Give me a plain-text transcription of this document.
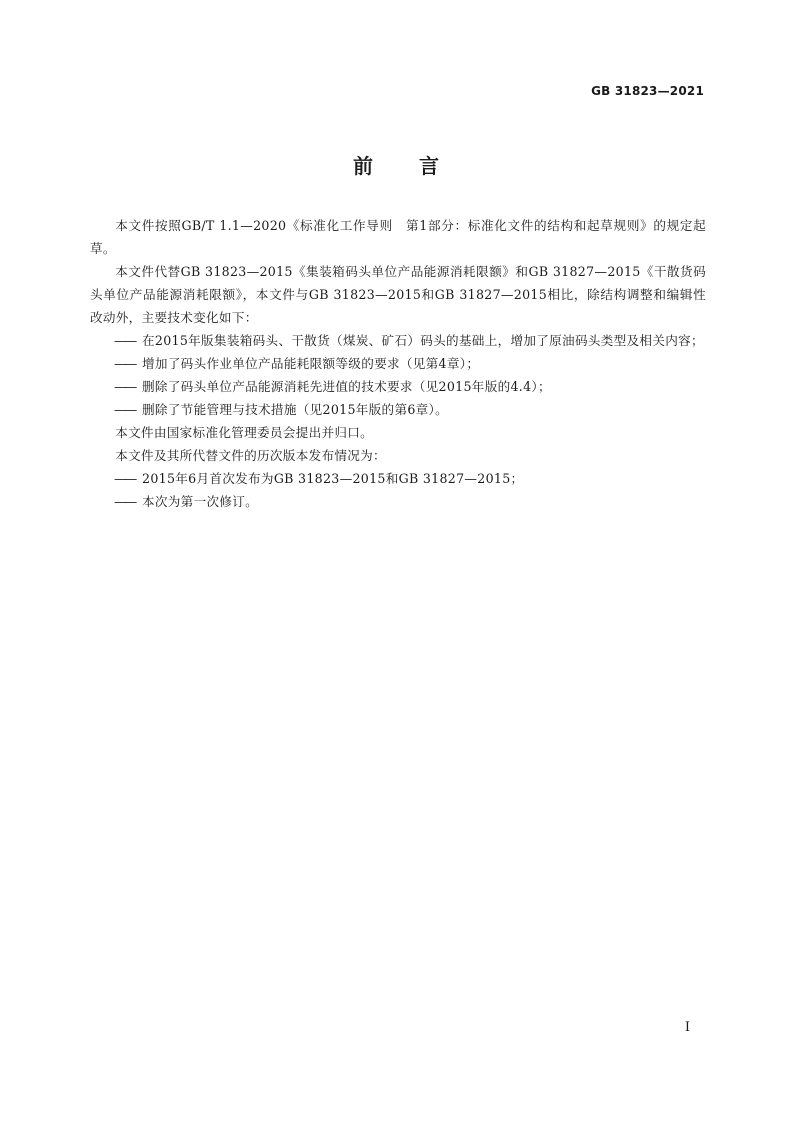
GB 31823—2021
前 言

本文件按照GB/T 1.1—2020《标准化工作导则　第1部分：标准化文件的结构和起草规则》的规定起草。

本文件代替GB 31823—2015《集装箱码头单位产品能源消耗限额》和GB 31827—2015《干散货码头单位产品能源消耗限额》，本文件与GB 31823—2015和GB 31827—2015相比，除结构调整和编辑性改动外，主要技术变化如下：

—— 在2015年版集装箱码头、干散货（煤炭、矿石）码头的基础上，增加了原油码头类型及相关内容；

—— 增加了码头作业单位产品能耗限额等级的要求（见第4章）；

—— 删除了码头单位产品能源消耗先进值的技术要求（见2015年版的4.4）；

—— 删除了节能管理与技术措施（见2015年版的第6章）。

本文件由国家标准化管理委员会提出并归口。

本文件及其所代替文件的历次版本发布情况为：

—— 2015年6月首次发布为GB 31823—2015和GB 31827—2015；

—— 本次为第一次修订。

I
